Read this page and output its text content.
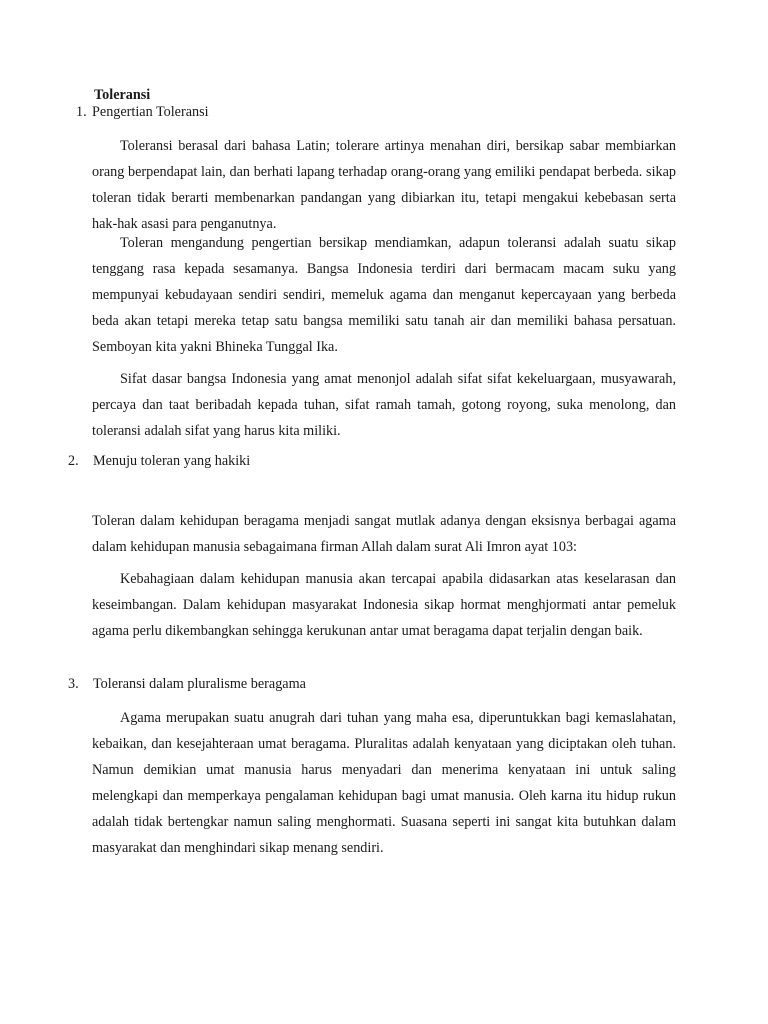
Toleransi

1. Pengertian Toleransi

Toleransi berasal dari bahasa Latin; tolerare artinya menahan diri, bersikap sabar membiarkan orang berpendapat lain, dan berhati lapang terhadap orang-orang yang emiliki pendapat berbeda. sikap toleran tidak berarti membenarkan pandangan yang dibiarkan itu, tetapi mengakui kebebasan serta hak-hak asasi para penganutnya.

Toleran mengandung pengertian bersikap mendiamkan, adapun toleransi adalah suatu sikap tenggang rasa kepada sesamanya. Bangsa Indonesia terdiri dari bermacam macam suku yang mempunyai kebudayaan sendiri sendiri, memeluk agama dan menganut kepercayaan yang berbeda beda akan tetapi mereka tetap satu bangsa memiliki satu tanah air dan memiliki bahasa persatuan. Semboyan kita yakni Bhineka Tunggal Ika.

Sifat dasar bangsa Indonesia yang amat menonjol adalah sifat sifat kekeluargaan, musyawarah, percaya dan taat beribadah kepada tuhan, sifat ramah tamah, gotong royong, suka menolong, dan toleransi adalah sifat yang harus kita miliki.

2. Menuju toleran yang hakiki

Toleran dalam kehidupan beragama menjadi sangat mutlak adanya dengan eksisnya berbagai agama dalam kehidupan manusia sebagaimana firman Allah dalam surat Ali Imron ayat 103:

Kebahagiaan dalam kehidupan manusia akan tercapai apabila didasarkan atas keselarasan dan keseimbangan. Dalam kehidupan masyarakat Indonesia sikap hormat menghjormati antar pemeluk agama perlu dikembangkan sehingga kerukunan antar umat beragama dapat terjalin dengan baik.

3. Toleransi dalam pluralisme beragama

Agama merupakan suatu anugrah dari tuhan yang maha esa, diperuntukkan bagi kemaslahatan, kebaikan, dan kesejahteraan umat beragama. Pluralitas adalah kenyataan yang diciptakan oleh tuhan. Namun demikian umat manusia harus menyadari dan menerima kenyataan ini untuk saling melengkapi dan memperkaya pengalaman kehidupan bagi umat manusia. Oleh karna itu hidup rukun adalah tidak bertengkar namun saling menghormati. Suasana seperti ini sangat kita butuhkan dalam masyarakat dan menghindari sikap menang sendiri.
